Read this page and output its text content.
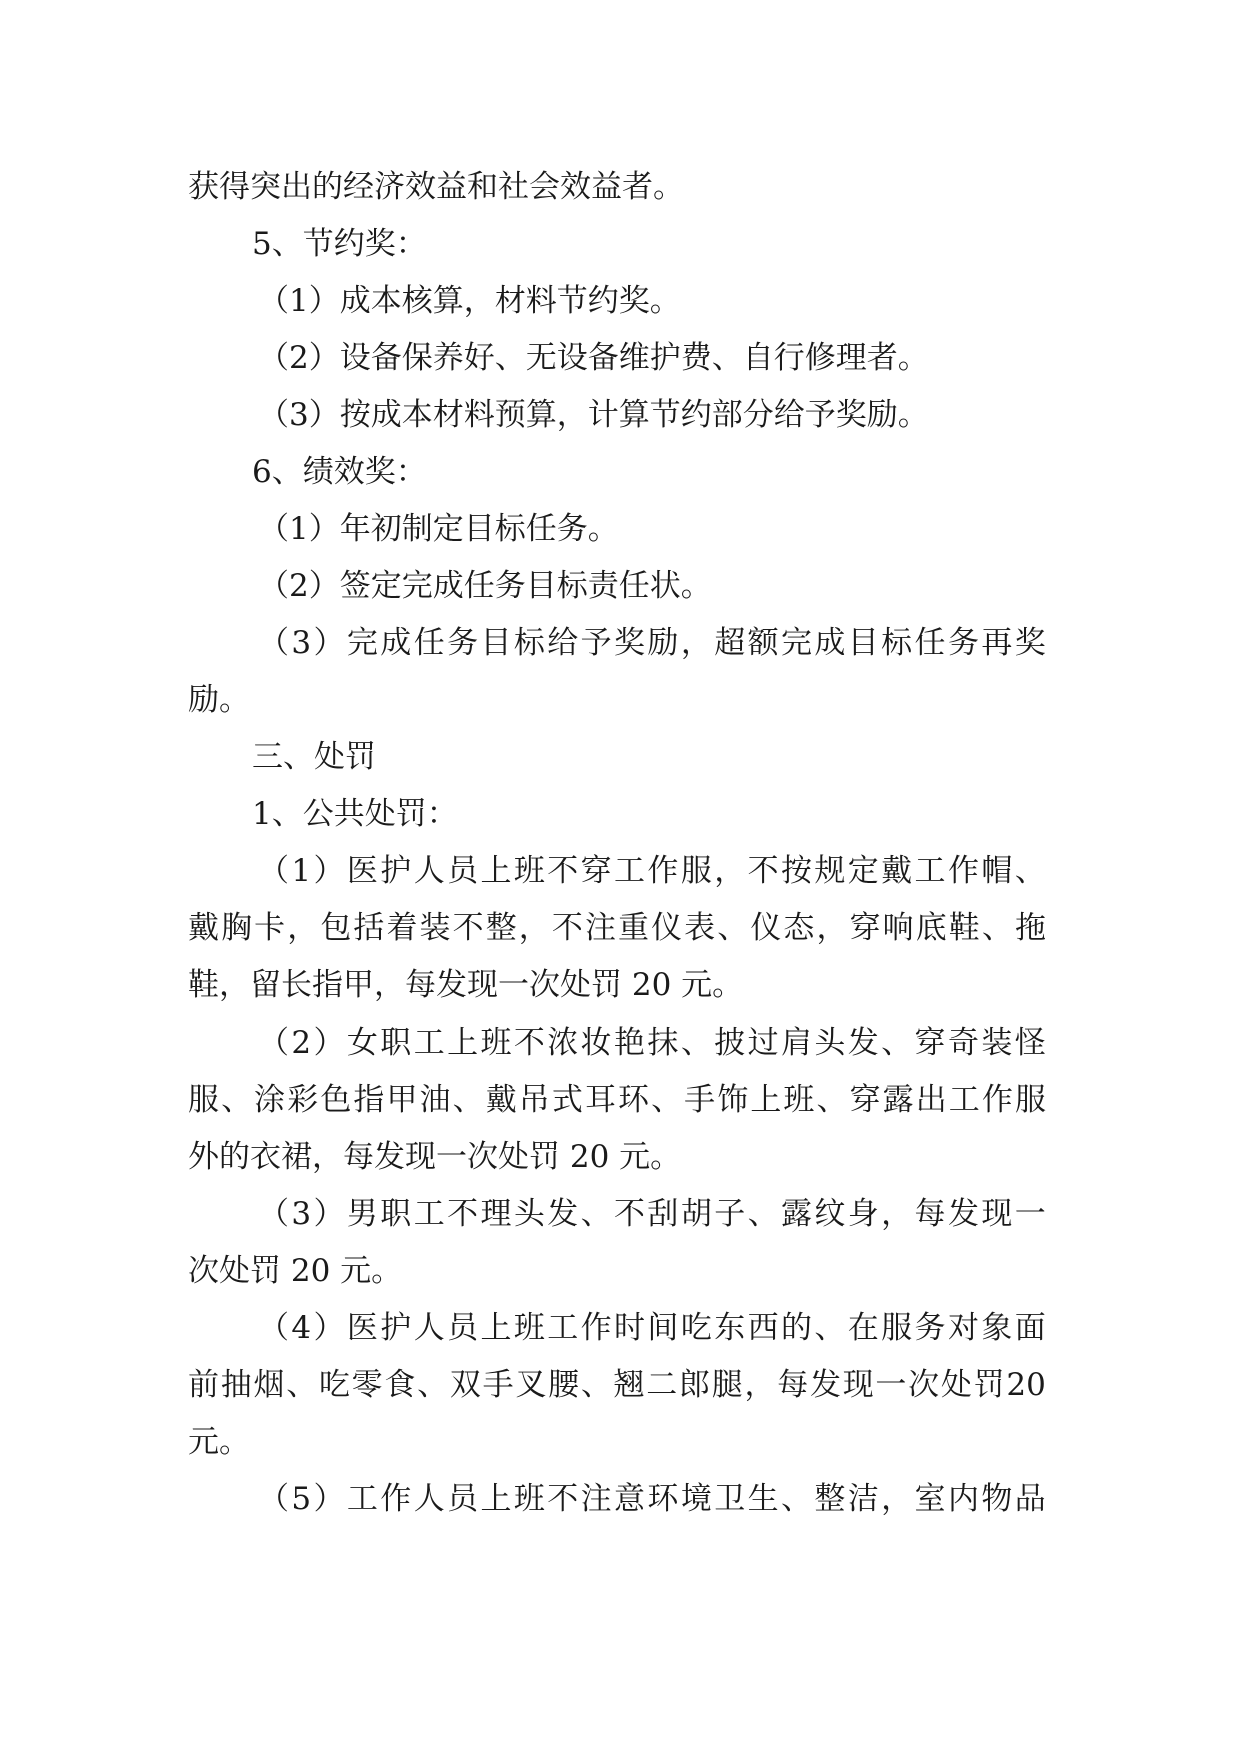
获得突出的经济效益和社会效益者。
5、节约奖：
（1）成本核算，材料节约奖。
（2）设备保养好、无设备维护费、自行修理者。
（3）按成本材料预算，计算节约部分给予奖励。
6、绩效奖：
（1）年初制定目标任务。
（2）签定完成任务目标责任状。
（ 3 ） 完 成 任 务 目 标 给 予 奖 励 ， 超 额 完 成 目 标 任 务 再 奖
励。
三、处罚
1、公共处罚：
（ 1 ） 医 护 人 员 上 班 不 穿 工 作 服 ， 不 按 规 定 戴 工 作 帽 、
戴 胸 卡 ， 包 括 着 装 不 整 ， 不 注 重 仪 表 、 仪 态 ， 穿 响 底 鞋 、 拖
鞋，留长指甲，每发现一次处罚 20 元。
（ 2 ） 女 职 工 上 班 不 浓 妆 艳 抹 、 披 过 肩 头 发 、 穿 奇 装 怪
服 、 涂 彩 色 指 甲 油 、 戴 吊 式 耳 环 、 手 饰 上 班 、 穿 露 出 工 作 服
外的衣裙，每发现一次处罚 20 元。
（ 3 ） 男 职 工 不 理 头 发 、 不 刮 胡 子 、 露 纹 身 ， 每 发 现 一
次处罚 20 元。
（ 4 ） 医 护 人 员 上 班 工 作 时 间 吃 东 西 的 、 在 服 务 对 象 面
前 抽 烟 、 吃 零 食 、 双 手 叉 腰 、 翘 二 郎 腿 ， 每 发 现 一 次 处 罚 20
元。
（ 5 ） 工 作 人 员 上 班 不 注 意 环 境 卫 生 、 整 洁 ， 室 内 物 品
